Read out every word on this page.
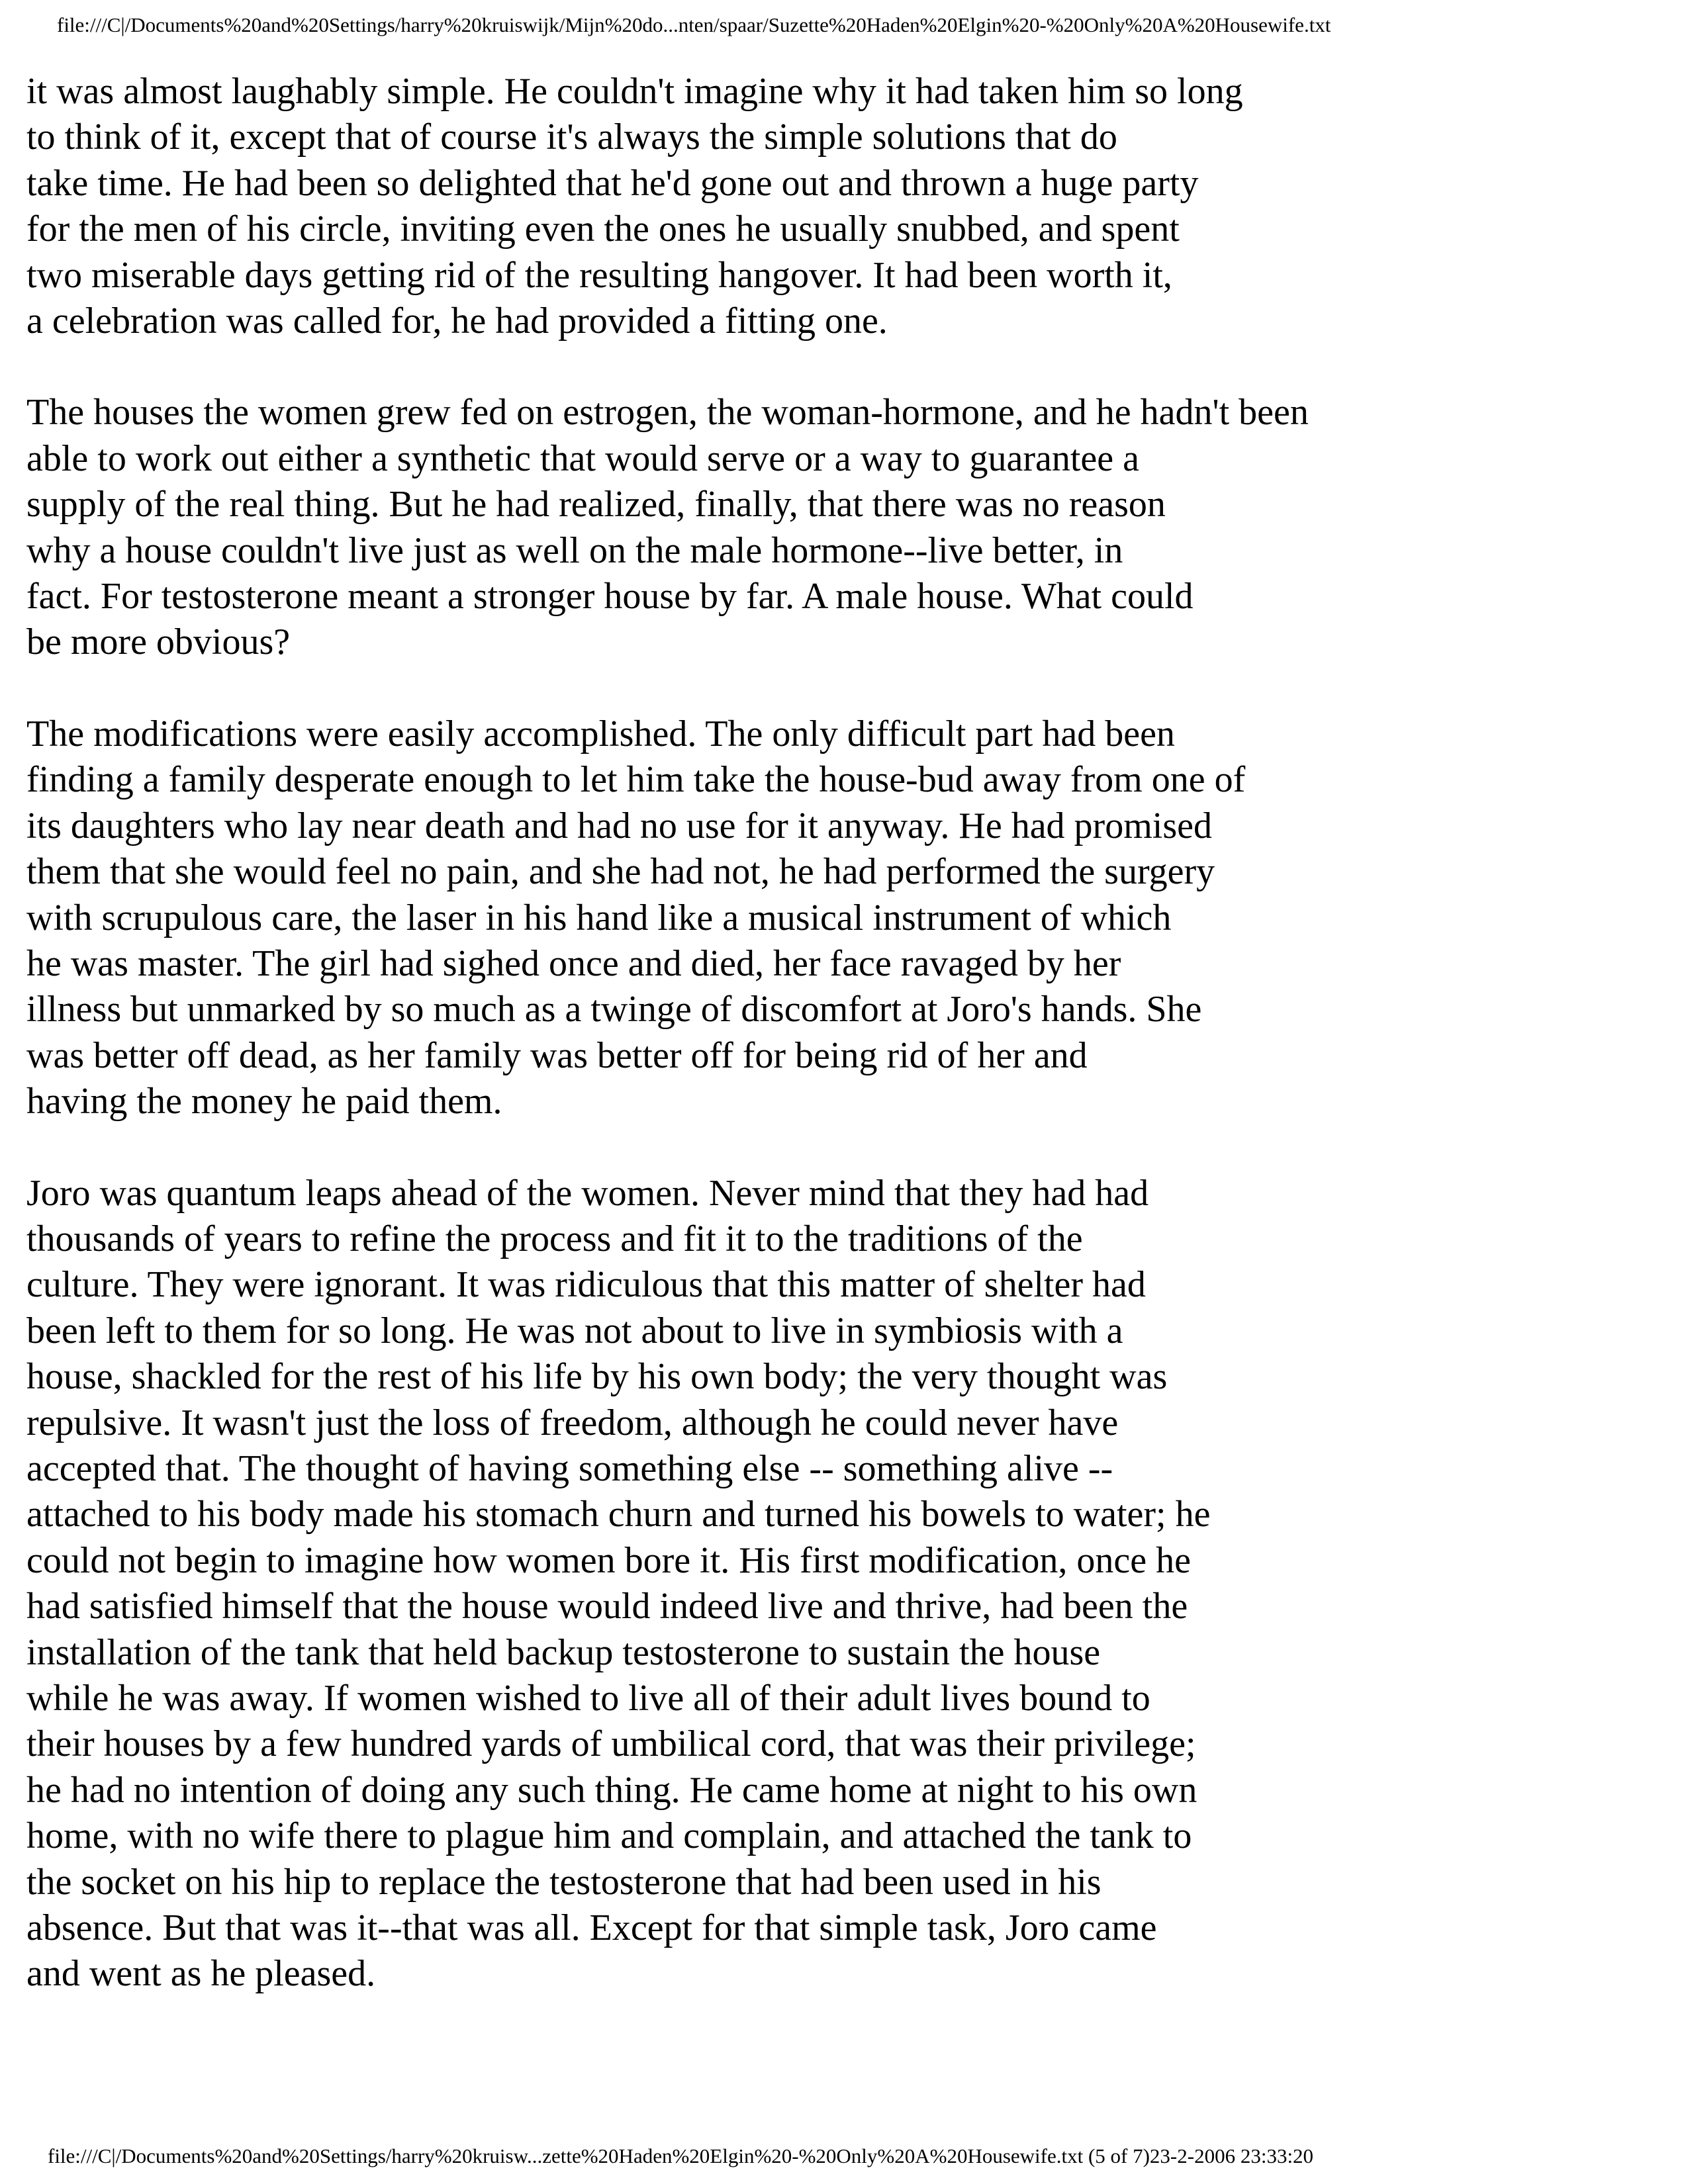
file:///C|/Documents%20and%20Settings/harry%20kruiswijk/Mijn%20do...nten/spaar/Suzette%20Haden%20Elgin%20-%20Only%20A%20Housewife.txt
it was almost laughably simple. He couldn't imagine why it had taken him so long
to think of it, except that of course it's always the simple solutions that do
take time. He had been so delighted that he'd gone out and thrown a huge party
for the men of his circle, inviting even the ones he usually snubbed, and spent
two miserable days getting rid of the resulting hangover. It had been worth it,
a celebration was called for, he had provided a fitting one.
The houses the women grew fed on estrogen, the woman-hormone, and he hadn't been
able to work out either a synthetic that would serve or a way to guarantee a
supply of the real thing. But he had realized, finally, that there was no reason
why a house couldn't live just as well on the male hormone--live better, in
fact. For testosterone meant a stronger house by far. A male house. What could
be more obvious?
The modifications were easily accomplished. The only difficult part had been
finding a family desperate enough to let him take the house-bud away from one of
its daughters who lay near death and had no use for it anyway. He had promised
them that she would feel no pain, and she had not, he had performed the surgery
with scrupulous care, the laser in his hand like a musical instrument of which
he was master. The girl had sighed once and died, her face ravaged by her
illness but unmarked by so much as a twinge of discomfort at Joro's hands. She
was better off dead, as her family was better off for being rid of her and
having the money he paid them.
Joro was quantum leaps ahead of the women. Never mind that they had had
thousands of years to refine the process and fit it to the traditions of the
culture. They were ignorant. It was ridiculous that this matter of shelter had
been left to them for so long. He was not about to live in symbiosis with a
house, shackled for the rest of his life by his own body; the very thought was
repulsive. It wasn't just the loss of freedom, although he could never have
accepted that. The thought of having something else -- something alive --
attached to his body made his stomach churn and turned his bowels to water; he
could not begin to imagine how women bore it. His first modification, once he
had satisfied himself that the house would indeed live and thrive, had been the
installation of the tank that held backup testosterone to sustain the house
while he was away. If women wished to live all of their adult lives bound to
their houses by a few hundred yards of umbilical cord, that was their privilege;
he had no intention of doing any such thing. He came home at night to his own
home, with no wife there to plague him and complain, and attached the tank to
the socket on his hip to replace the testosterone that had been used in his
absence. But that was it--that was all. Except for that simple task, Joro came
and went as he pleased.
file:///C|/Documents%20and%20Settings/harry%20kruisw...zette%20Haden%20Elgin%20-%20Only%20A%20Housewife.txt (5 of 7)23-2-2006 23:33:20
